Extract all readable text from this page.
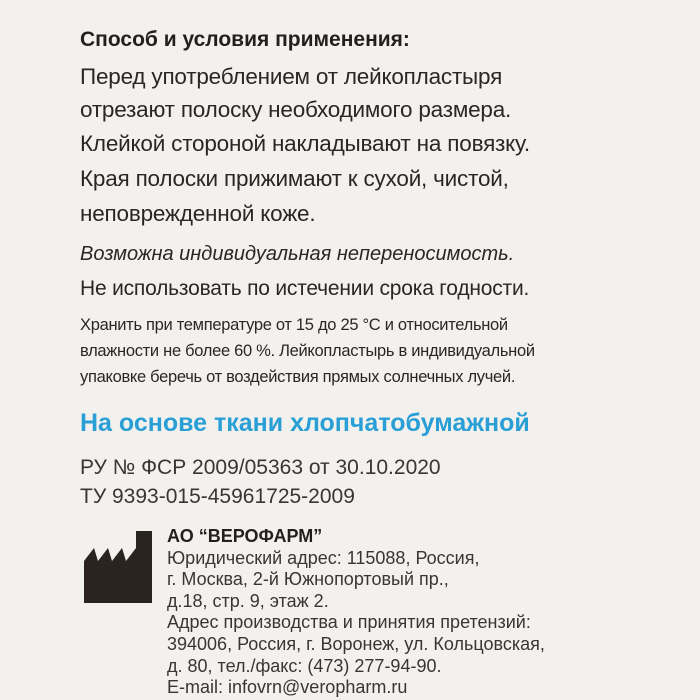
Способ и условия применения:
Перед употреблением от лейкопластыря
отрезают полоску необходимого размера.
Клейкой стороной накладывают на повязку.
Края полоски прижимают к сухой, чистой,
неповрежденной коже.
Возможна индивидуальная непереносимость.
Не использовать по истечении срока годности.
Хранить при температуре от 15 до 25 °С и относительной
влажности не более 60 %. Лейкопластырь в индивидуальной
упаковке беречь от воздействия прямых солнечных лучей.
На основе ткани хлопчатобумажной
РУ № ФСР 2009/05363 от 30.10.2020
ТУ 9393-015-45961725-2009
АО “ВЕРОФАРМ”
Юридический адрес: 115088, Россия,
г. Москва, 2-й Южнопортовый пр.,
д.18, стр. 9, этаж 2.
Адрес производства и принятия претензий:
394006, Россия, г. Воронеж, ул. Кольцовская,
д. 80, тел./факс: (473) 277-94-90.
E-mail: infovrn@veropharm.ru
